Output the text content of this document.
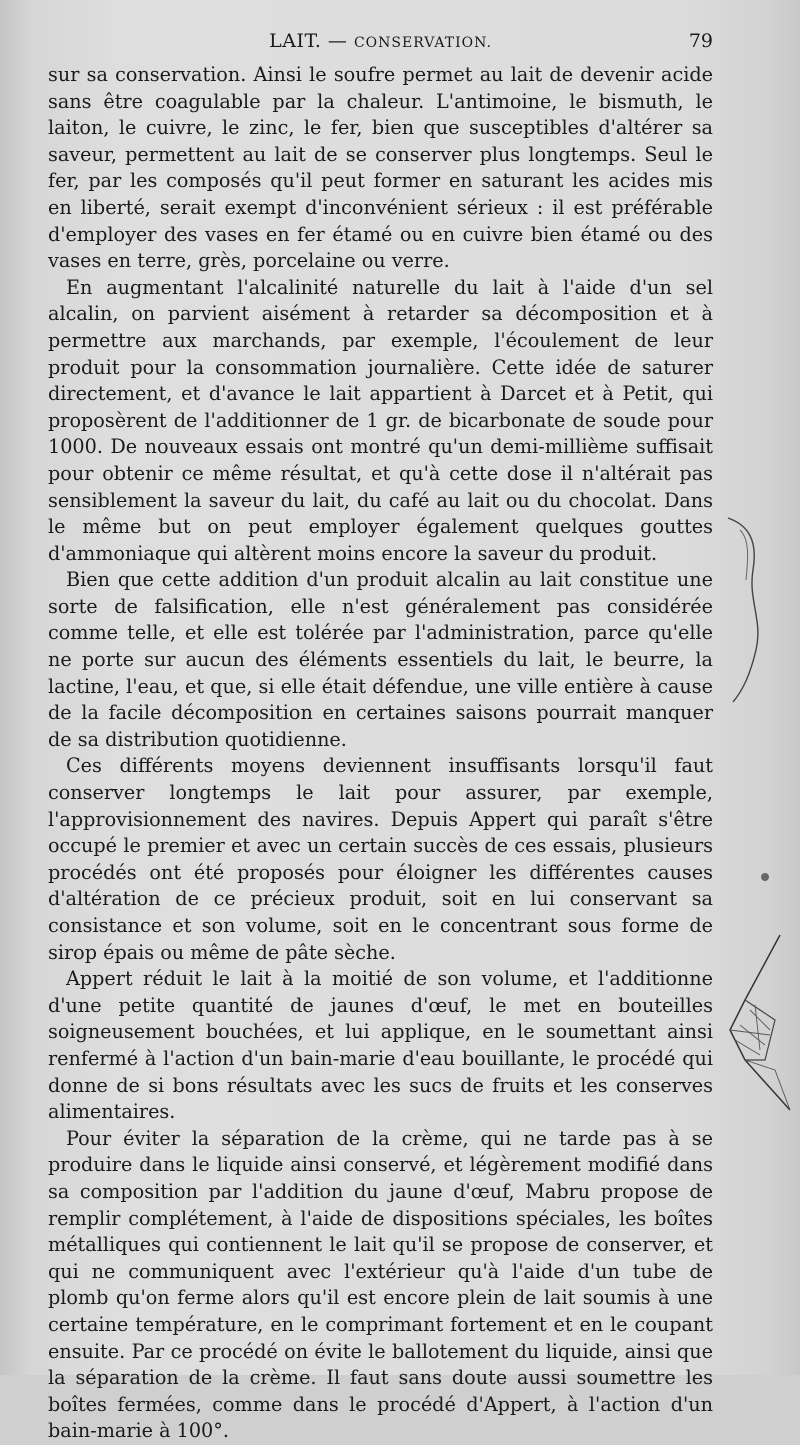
LAIT. — CONSERVATION.	79

sur sa conservation. Ainsi le soufre permet au lait de devenir acide sans être coagulable par la chaleur. L'antimoine, le bismuth, le laiton, le cuivre, le zinc, le fer, bien que susceptibles d'altérer sa saveur, permettent au lait de se conserver plus longtemps. Seul le fer, par les composés qu'il peut former en saturant les acides mis en liberté, serait exempt d'inconvénient sérieux : il est préférable d'employer des vases en fer étamé ou en cuivre bien étamé ou des vases en terre, grès, porcelaine ou verre.

En augmentant l'alcalinité naturelle du lait à l'aide d'un sel alcalin, on parvient aisément à retarder sa décomposition et à permettre aux marchands, par exemple, l'écoulement de leur produit pour la consommation journalière. Cette idée de saturer directement, et d'avance le lait appartient à Darcet et à Petit, qui proposèrent de l'additionner de 1 gr. de bicarbonate de soude pour 1000. De nouveaux essais ont montré qu'un demi-millième suffisait pour obtenir ce même résultat, et qu'à cette dose il n'altérait pas sensiblement la saveur du lait, du café au lait ou du chocolat. Dans le même but on peut employer également quelques gouttes d'ammoniaque qui altèrent moins encore la saveur du produit.

Bien que cette addition d'un produit alcalin au lait constitue une sorte de falsification, elle n'est généralement pas considérée comme telle, et elle est tolérée par l'administration, parce qu'elle ne porte sur aucun des éléments essentiels du lait, le beurre, la lactine, l'eau, et que, si elle était défendue, une ville entière à cause de la facile décomposition en certaines saisons pourrait manquer de sa distribution quotidienne.

Ces différents moyens deviennent insuffisants lorsqu'il faut conserver longtemps le lait pour assurer, par exemple, l'approvisionnement des navires. Depuis Appert qui paraît s'être occupé le premier et avec un certain succès de ces essais, plusieurs procédés ont été proposés pour éloigner les différentes causes d'altération de ce précieux produit, soit en lui conservant sa consistance et son volume, soit en le concentrant sous forme de sirop épais ou même de pâte sèche.

Appert réduit le lait à la moitié de son volume, et l'additionne d'une petite quantité de jaunes d'œuf, le met en bouteilles soigneusement bouchées, et lui applique, en le soumettant ainsi renfermé à l'action d'un bain-marie d'eau bouillante, le procédé qui donne de si bons résultats avec les sucs de fruits et les conserves alimentaires.

Pour éviter la séparation de la crème, qui ne tarde pas à se produire dans le liquide ainsi conservé, et légèrement modifié dans sa composition par l'addition du jaune d'œuf, Mabru propose de remplir complétement, à l'aide de dispositions spéciales, les boîtes métalliques qui contiennent le lait qu'il se propose de conserver, et qui ne communiquent avec l'extérieur qu'à l'aide d'un tube de plomb qu'on ferme alors qu'il est encore plein de lait soumis à une certaine température, en le comprimant fortement et en le coupant ensuite. Par ce procédé on évite le ballotement du liquide, ainsi que la séparation de la crème. Il faut sans doute aussi soumettre les boîtes fermées, comme dans le procédé d'Appert, à l'action d'un bain-marie à 100°.
